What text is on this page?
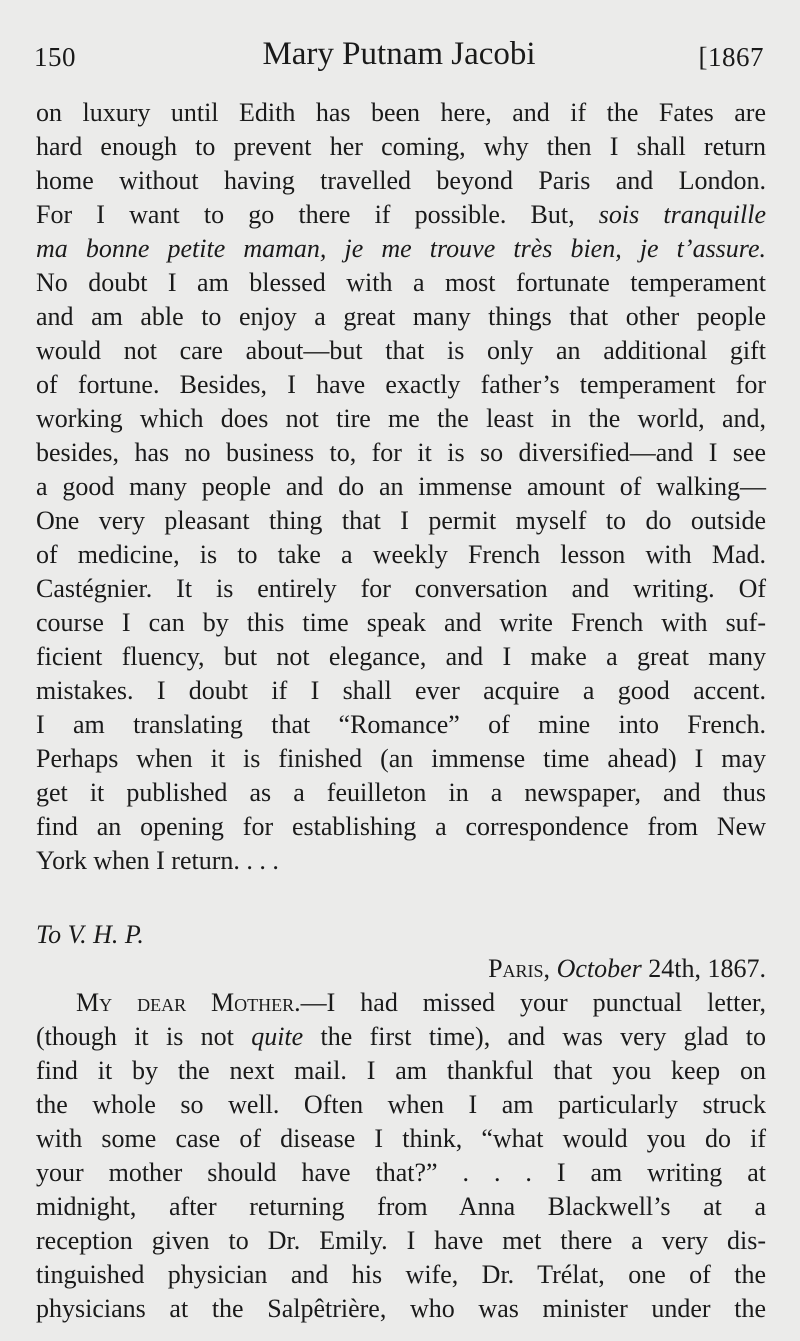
150	Mary Putnam Jacobi	[1867
on luxury until Edith has been here, and if the Fates are
hard enough to prevent her coming, why then I shall return
home without having travelled beyond Paris and London.
For I want to go there if possible. But, sois tranquille
ma bonne petite maman, je me trouve très bien, je t’assure.
No doubt I am blessed with a most fortunate temperament
and am able to enjoy a great many things that other people
would not care about—but that is only an additional gift
of fortune. Besides, I have exactly father’s temperament for
working which does not tire me the least in the world, and,
besides, has no business to, for it is so diversified—and I see
a good many people and do an immense amount of walking—
One very pleasant thing that I permit myself to do outside
of medicine, is to take a weekly French lesson with Mad.
Castégnier. It is entirely for conversation and writing. Of
course I can by this time speak and write French with suf-
ficient fluency, but not elegance, and I make a great many
mistakes. I doubt if I shall ever acquire a good accent.
I am translating that “Romance” of mine into French.
Perhaps when it is finished (an immense time ahead) I may
get it published as a feuilleton in a newspaper, and thus
find an opening for establishing a correspondence from New
York when I return. . . .
To V. H. P.
Paris, October 24th, 1867.
My dear Mother.—I had missed your punctual letter,
(though it is not quite the first time), and was very glad to
find it by the next mail. I am thankful that you keep on
the whole so well. Often when I am particularly struck
with some case of disease I think, “what would you do if
your mother should have that?” . . . I am writing at
midnight, after returning from Anna Blackwell’s at a
reception given to Dr. Emily. I have met there a very dis-
tinguished physician and his wife, Dr. Trélat, one of the
physicians at the Salpêtrière, who was minister under the
